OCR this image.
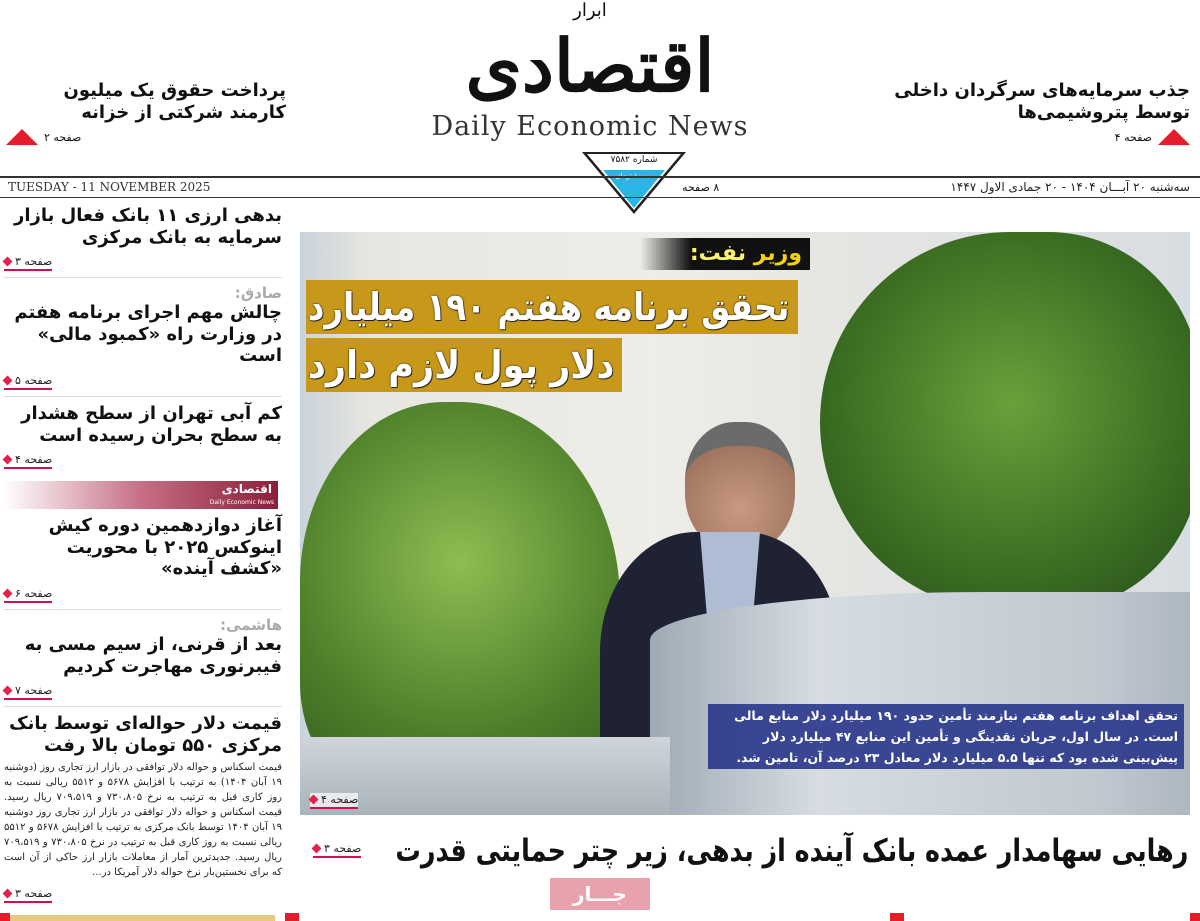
ابرار
اقتصادی
Daily Economic News
شماره ۷۵۸۲
۸ صفحه
TUESDAY - 11 NOVEMBER 2025	سه‌شنبه ۲۰ آبـــان ۱۴۰۴ - ۲۰ جمادی الاول ۱۴۴۷
جذب سرمایه‌های سرگردان داخلی توسط پتروشیمی‌ها
صفحه ۴
پرداخت حقوق یک میلیون کارمند شرکتی از خزانه
صفحه ۲
بدهی ارزی ۱۱ بانک فعال بازار سرمایه به بانک مرکزی
صفحه ۳
صادق:
چالش مهم اجرای برنامه هفتم در وزارت راه «کمبود مالی» است
صفحه ۵
کم آبی تهران از سطح هشدار به سطح بحران رسیده است
صفحه ۴
اقتصادی
Daily Economic News
آغاز دوازدهمین دوره کیش اینوکس ۲۰۲۵ با محوریت «کشف آینده»
صفحه ۶
هاشمی:
بعد از قرنی، از سیم مسی به فیبرنوری مهاجرت کردیم
صفحه ۷
قیمت دلار حواله‌ای توسط بانک مرکزی ۵۵۰ تومان بالا رفت
قیمت اسکناس و حواله دلار توافقی در بازار ارز تجاری روز (دوشنبه ۱۹ آبان ۱۴۰۴) به ترتیب با افزایش ۵۶۷۸ و ۵۵۱۲ ریالی نسبت به روز کاری قبل به ترتیب به نرخ ۷۳۰،۸۰۵ و ۷۰۹،۵۱۹ ریال رسید. قیمت اسکناس و حواله دلار توافقی در بازار ارز تجاری روز دوشنبه ۱۹ آبان ۱۴۰۴ توسط بانک مرکزی به ترتیب با افزایش ۵۶۷۸ و ۵۵۱۲ ریالی نسبت به روز کاری قبل به ترتیب در نرخ ۷۳۰،۸۰۵ و ۷۰۹،۵۱۹ ریال رسید. جدیدترین آمار از معاملات بازار ارز حاکی از آن است که برای نخستین‌بار نرخ حواله دلار آمریکا در...
صفحه ۳
وزیر نفت:
تحقق برنامه هفتم ۱۹۰ میلیارد
دلار پول لازم دارد
تحقق اهداف برنامه هفتم نیازمند تأمین حدود ۱۹۰ میلیارد دلار منابع مالی است. در سال اول، جریان نقدینگی و تأمین این منابع ۴۷ میلیارد دلار پیش‌بینی شده بود که تنها ۵.۵ میلیارد دلار معادل ۲۳ درصد آن، تامین شد.
صفحه ۴
رهایی سهامدار عمده بانک آینده از بدهی، زیر چتر حمایتی قدرت
صفحه ۳
جـــار
